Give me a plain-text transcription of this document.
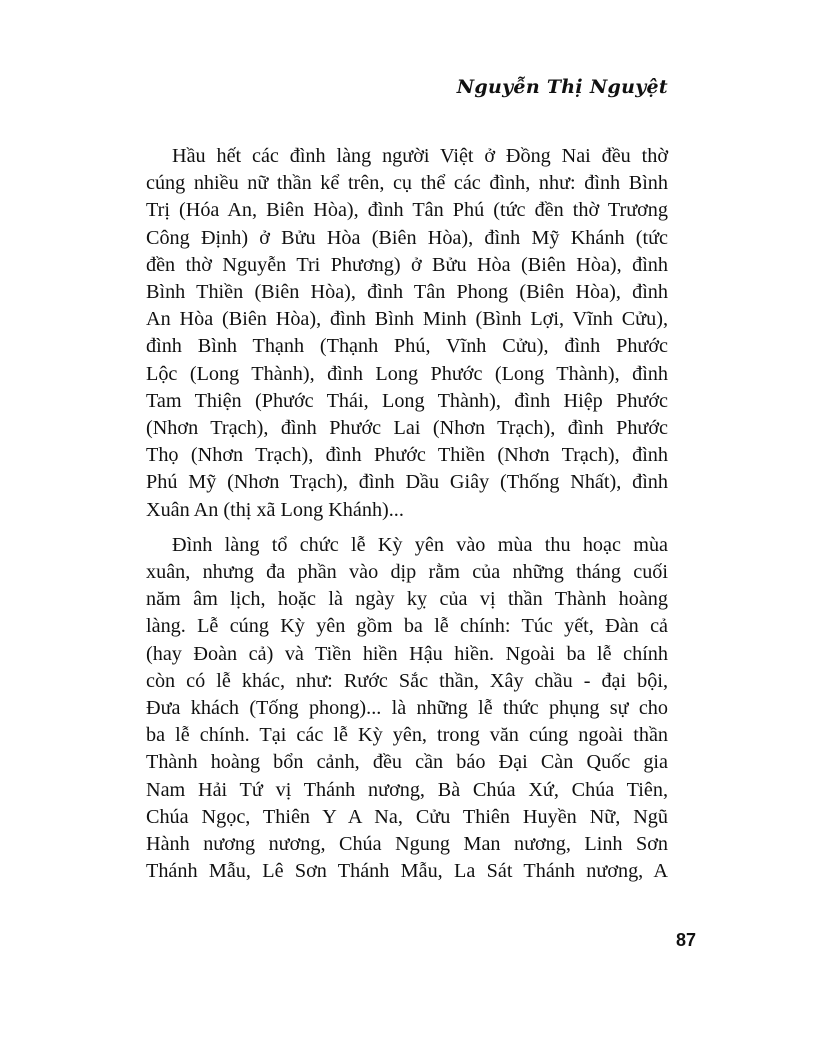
Nguyễn Thị Nguyệt
Hầu hết các đình làng người Việt ở Đồng Nai đều thờ
cúng nhiều nữ thần kể trên, cụ thể các đình, như: đình Bình
Trị (Hóa An, Biên Hòa), đình Tân Phú (tức đền thờ Trương
Công Định) ở Bửu Hòa (Biên Hòa), đình Mỹ Khánh (tức
đền thờ Nguyễn Tri Phương) ở Bửu Hòa (Biên Hòa), đình
Bình Thiền (Biên Hòa), đình Tân Phong (Biên Hòa), đình
An Hòa (Biên Hòa), đình Bình Minh (Bình Lợi, Vĩnh Cửu),
đình Bình Thạnh (Thạnh Phú, Vĩnh Cửu), đình Phước
Lộc (Long Thành), đình Long Phước (Long Thành), đình
Tam Thiện (Phước Thái, Long Thành), đình Hiệp Phước
(Nhơn Trạch), đình Phước Lai (Nhơn Trạch), đình Phước
Thọ (Nhơn Trạch), đình Phước Thiền (Nhơn Trạch), đình
Phú Mỹ (Nhơn Trạch), đình Dầu Giây (Thống Nhất), đình
Xuân An (thị xã Long Khánh)...
Đình làng tổ chức lễ Kỳ yên vào mùa thu hoạc mùa
xuân, nhưng đa phần vào dịp rằm của những tháng cuối
năm âm lịch, hoặc là ngày kỵ của vị thần Thành hoàng
làng. Lễ cúng Kỳ yên gồm ba lễ chính: Túc yết, Đàn cả
(hay Đoàn cả) và Tiền hiền Hậu hiền. Ngoài ba lễ chính
còn có lễ khác, như: Rước Sắc thần, Xây chầu - đại bội,
Đưa khách (Tống phong)... là những lễ thức phụng sự cho
ba lễ chính. Tại các lễ Kỳ yên, trong văn cúng ngoài thần
Thành hoàng bổn cảnh, đều cần báo Đại Càn Quốc gia
Nam Hải Tứ vị Thánh nương, Bà Chúa Xứ, Chúa Tiên,
Chúa Ngọc, Thiên Y A Na, Cửu Thiên Huyền Nữ, Ngũ
Hành nương nương, Chúa Ngung Man nương, Linh Sơn
Thánh Mẫu, Lê Sơn Thánh Mẫu, La Sát Thánh nương, A
87
